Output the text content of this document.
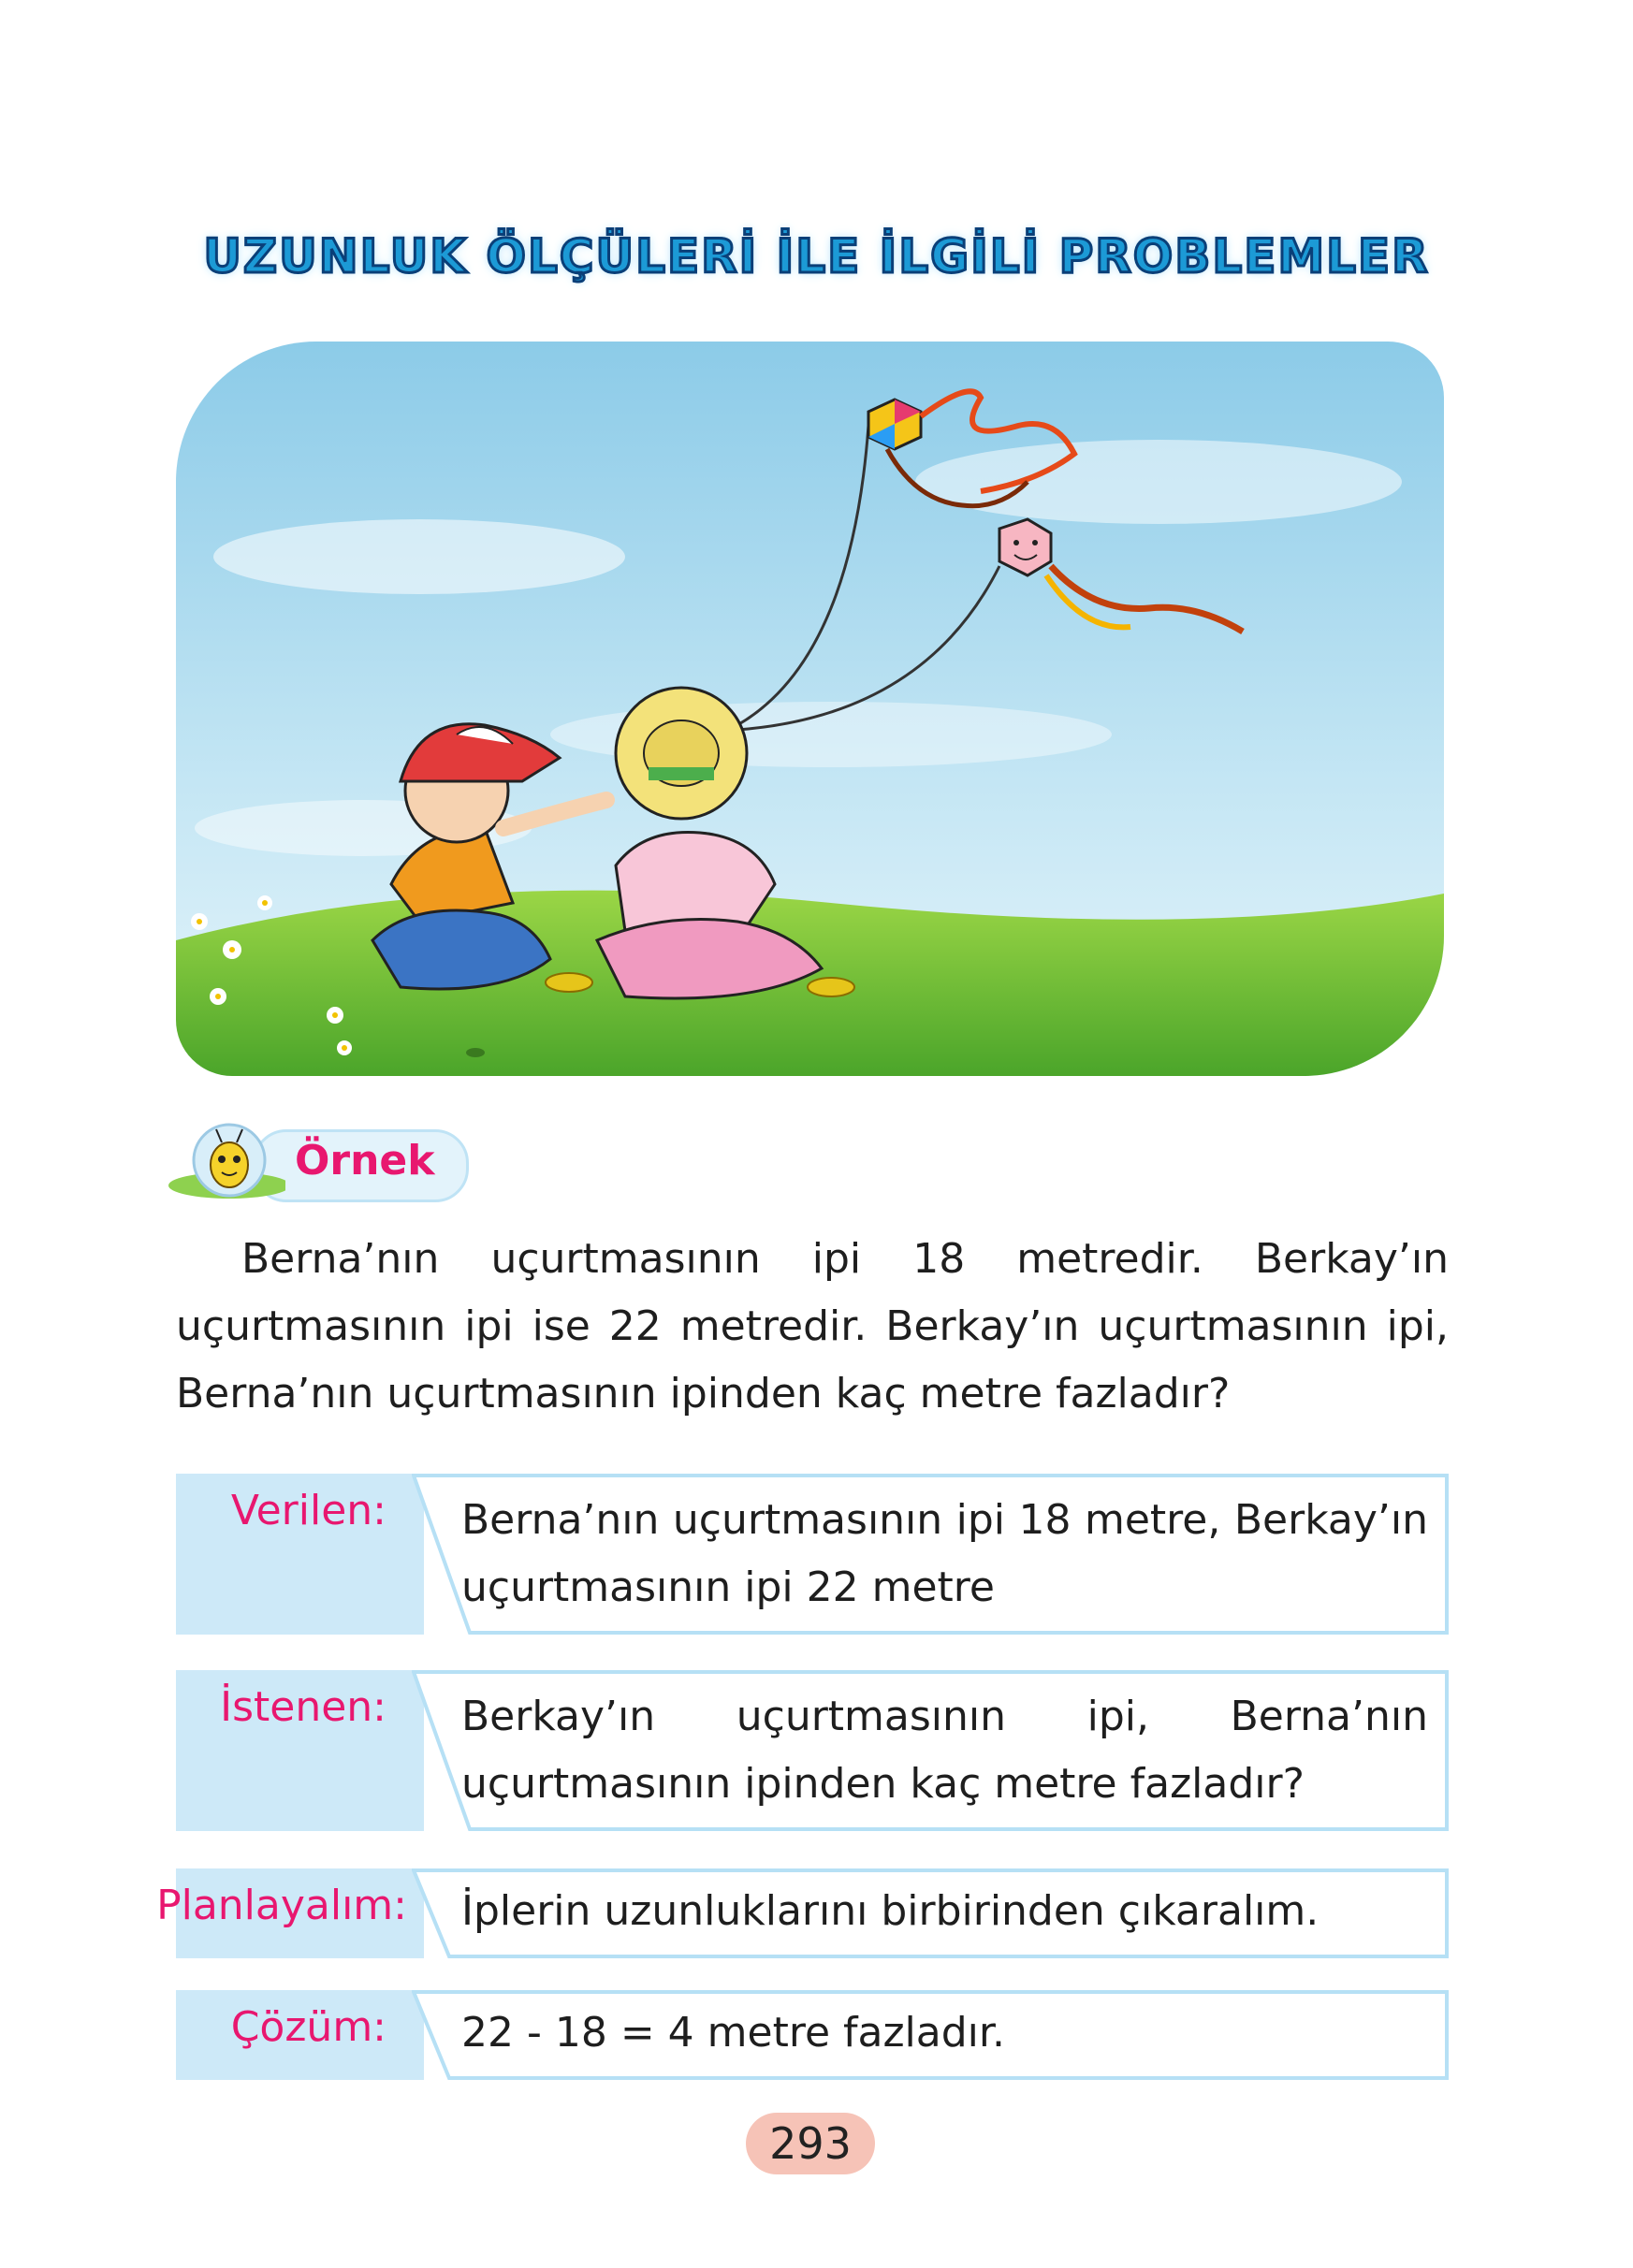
UZUNLUK ÖLÇÜLERİ İLE İLGİLİ PROBLEMLER
Örnek

Berna’nın uçurtmasının ipi 18 metredir. Berkay’ın uçurtmasının ipi ise 22 metredir. Berkay’ın uçurtmasının ipi, Berna’nın uçurtmasının ipinden kaç metre fazladır?

Verilen: Berna’nın uçurtmasının ipi 18 metre, Berkay’ın uçurtmasının ipi 22 metre
İstenen: Berkay’ın uçurtmasının ipi, Berna’nın uçurtmasının ipinden kaç metre fazladır?
Planlayalım: İplerin uzunluklarını birbirinden çıkaralım.
Çözüm: 22 - 18 = 4 metre fazladır.
293
